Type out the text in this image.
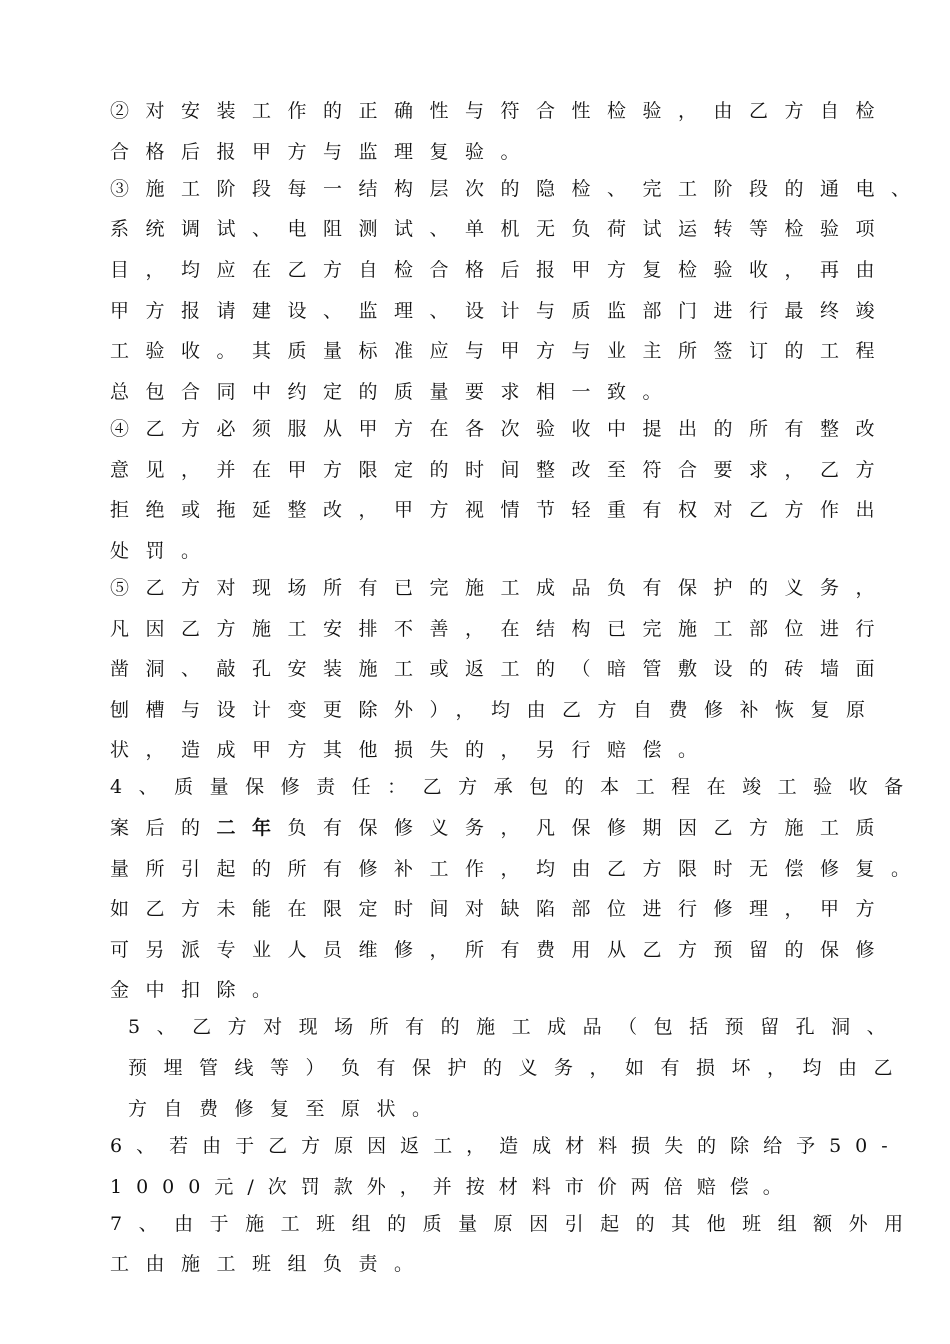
②对安装工作的正确性与符合性检验，由乙方自检
合格后报甲方与监理复验。
③施工阶段每一结构层次的隐检、完工阶段的通电、
系统调试、电阻测试、单机无负荷试运转等检验项
目，均应在乙方自检合格后报甲方复检验收，再由
甲方报请建设、监理、设计与质监部门进行最终竣
工验收。其质量标准应与甲方与业主所签订的工程
总包合同中约定的质量要求相一致。
④乙方必须服从甲方在各次验收中提出的所有整改
意见，并在甲方限定的时间整改至符合要求，乙方
拒绝或拖延整改，甲方视情节轻重有权对乙方作出
处罚。
⑤乙方对现场所有已完施工成品负有保护的义务，
凡因乙方施工安排不善，在结构已完施工部位进行
凿洞、敲孔安装施工或返工的（暗管敷设的砖墙面
刨槽与设计变更除外），均由乙方自费修补恢复原
状，造成甲方其他损失的，另行赔偿。
4、质量保修责任：乙方承包的本工程在竣工验收备
案后的二年负有保修义务，凡保修期因乙方施工质
量所引起的所有修补工作，均由乙方限时无偿修复。
如乙方未能在限定时间对缺陷部位进行修理，甲方
可另派专业人员维修，所有费用从乙方预留的保修
金中扣除。
5、乙方对现场所有的施工成品（包括预留孔洞、
预埋管线等）负有保护的义务，如有损坏，均由乙
方自费修复至原状。
6、若由于乙方原因返工，造成材料损失的除给予50-
1000元/次罚款外，并按材料市价两倍赔偿。
7、由于施工班组的质量原因引起的其他班组额外用
工由施工班组负责。
